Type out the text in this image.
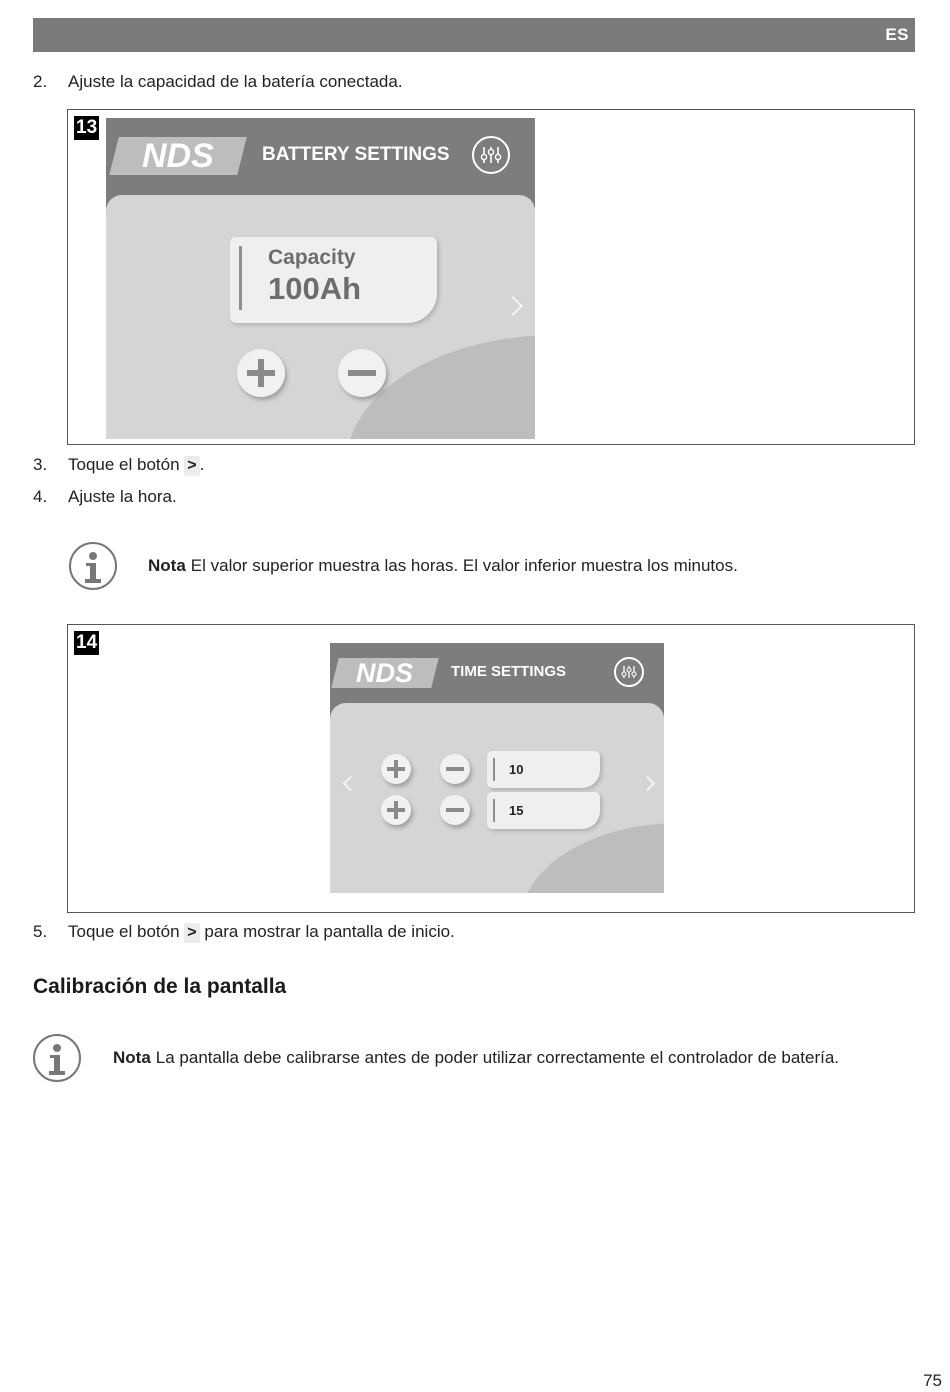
ES
2. Ajuste la capacidad de la batería conectada.
13
NDS	BATTERY SETTINGS
Capacity
100Ah
3. Toque el botón > .
4. Ajuste la hora.
Nota El valor superior muestra las horas. El valor inferior muestra los minutos.
14
NDS	TIME SETTINGS
10
15
5. Toque el botón > para mostrar la pantalla de inicio.
Calibración de la pantalla
Nota La pantalla debe calibrarse antes de poder utilizar correctamente el controlador de batería.
75
